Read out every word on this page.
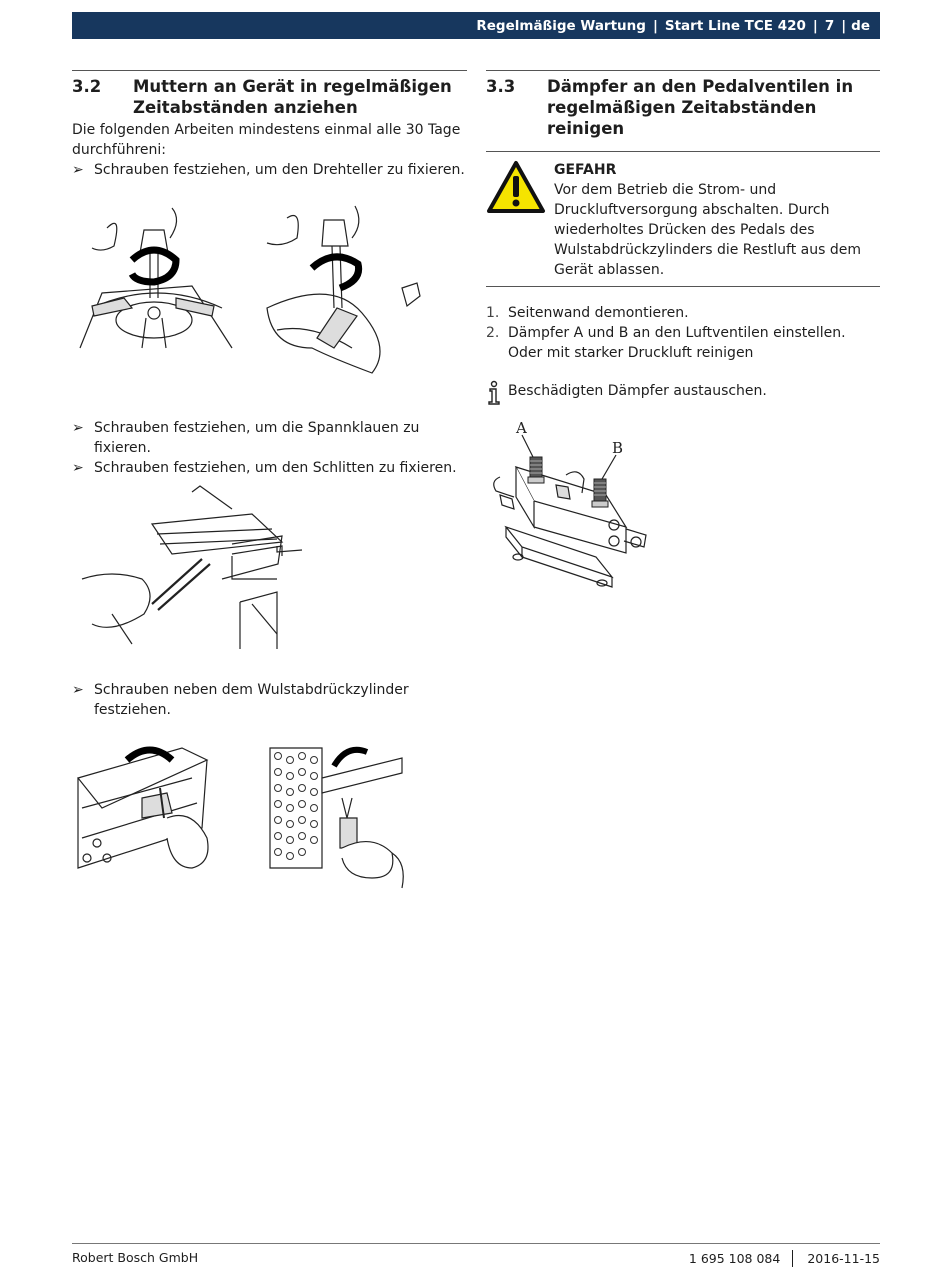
Regelmäßige Wartung | Start Line TCE 420 | 7 | de
3.2	Muttern an Gerät in regelmäßigen Zeitabständen anziehen

Die folgenden Arbeiten mindestens einmal alle 30 Tage durchführeni:

➢ Schrauben festziehen, um den Drehteller zu fixieren.
➢ Schrauben festziehen, um die Spannklauen zu fixieren.
➢ Schrauben festziehen, um den Schlitten zu fixieren.
➢ Schrauben neben dem Wulstabdrückzylinder festziehen.
3.3	Dämpfer an den Pedalventilen in regelmäßigen Zeitabständen reinigen
GEFAHR
Vor dem Betrieb die Strom- und Druckluftversorgung abschalten. Durch wiederholtes Drücken des Pedals des Wulstabdrückzylinders die Restluft aus dem Gerät ablassen.
1. Seitenwand demontieren.
2. Dämpfer A und B an den Luftventilen einstellen. Oder mit starker Druckluft reinigen

Beschädigten Dämpfer austauschen.

A
B
Robert Bosch GmbH	1 695 108 084 2016-11-15
